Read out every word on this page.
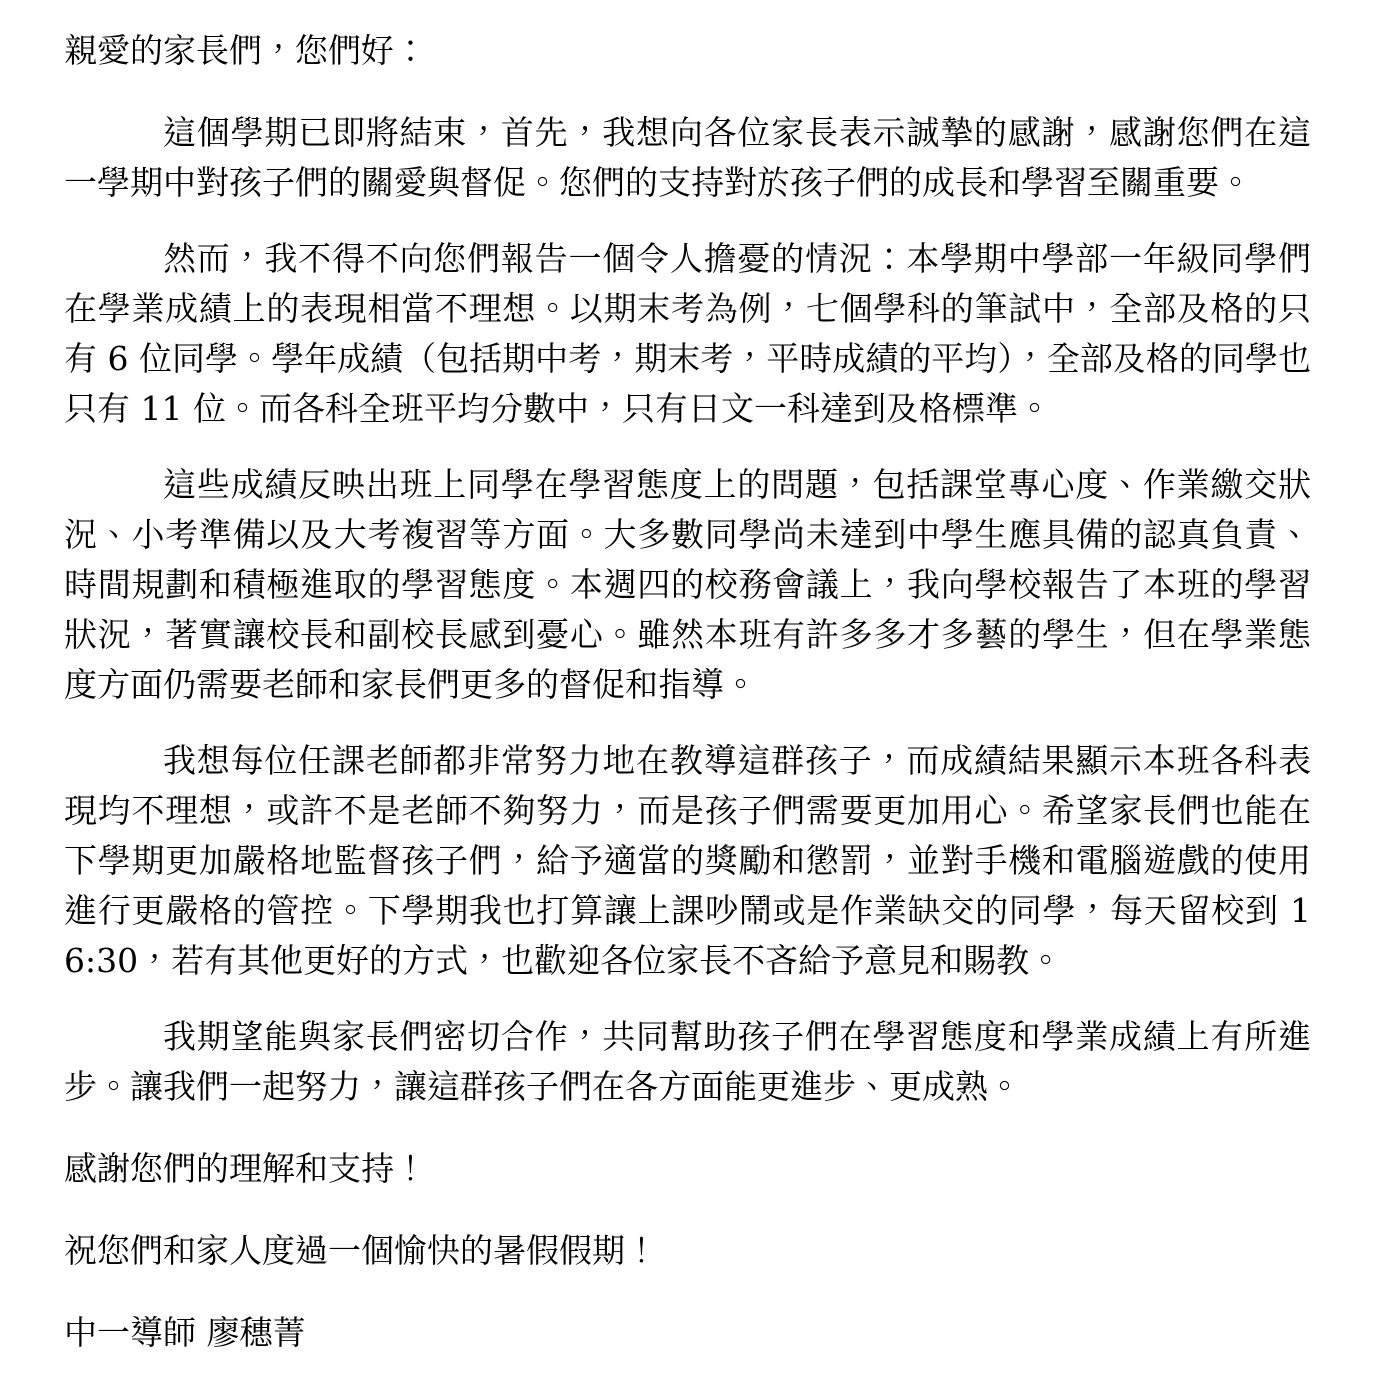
親愛的家長們，您們好：

這個學期已即將結束，首先，我想向各位家長表示誠摯的感謝，感謝您們在這一學期中對孩子們的關愛與督促。您們的支持對於孩子們的成長和學習至關重要。

然而，我不得不向您們報告一個令人擔憂的情況：本學期中學部一年級同學們在學業成績上的表現相當不理想。以期末考為例，七個學科的筆試中，全部及格的只有 6 位同學。學年成績（包括期中考，期末考，平時成績的平均），全部及格的同學也只有 11 位。而各科全班平均分數中，只有日文一科達到及格標準。

這些成績反映出班上同學在學習態度上的問題，包括課堂專心度、作業繳交狀況、小考準備以及大考複習等方面。大多數同學尚未達到中學生應具備的認真負責、時間規劃和積極進取的學習態度。本週四的校務會議上，我向學校報告了本班的學習狀況，著實讓校長和副校長感到憂心。雖然本班有許多多才多藝的學生，但在學業態度方面仍需要老師和家長們更多的督促和指導。

我想每位任課老師都非常努力地在教導這群孩子，而成績結果顯示本班各科表現均不理想，或許不是老師不夠努力，而是孩子們需要更加用心。希望家長們也能在下學期更加嚴格地監督孩子們，給予適當的獎勵和懲罰，並對手機和電腦遊戲的使用進行更嚴格的管控。下學期我也打算讓上課吵鬧或是作業缺交的同學，每天留校到 16:30，若有其他更好的方式，也歡迎各位家長不吝給予意見和賜教。

我期望能與家長們密切合作，共同幫助孩子們在學習態度和學業成績上有所進步。讓我們一起努力，讓這群孩子們在各方面能更進步、更成熟。

感謝您們的理解和支持！

祝您們和家人度過一個愉快的暑假假期！

中一導師 廖穗菁
